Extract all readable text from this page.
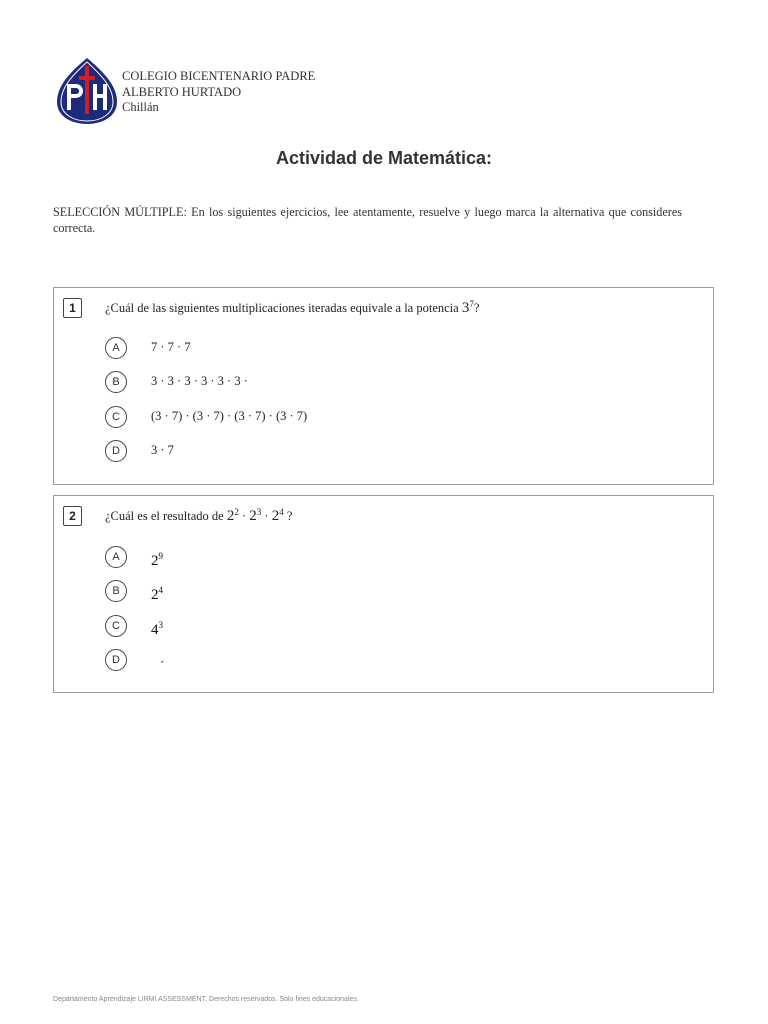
COLEGIO BICENTENARIO PADRE
ALBERTO HURTADO
Chillán
Actividad de Matemática:
SELECCIÓN MÚLTIPLE: En los siguientes ejercicios, lee atentamente, resuelve y luego marca la alternativa que consideres correcta.
1	¿Cuál de las siguientes multiplicaciones iteradas equivale a la potencia $3^7$?
A	7 · 7 · 7
B	3 · 3 · 3 · 3 · 3 · 3 ·
C	(3 · 7) · (3 · 7) · (3 · 7) · (3 · 7)
D	3 · 7
2	¿Cuál es el resultado de $2^2 \cdot 2^3 \cdot 2^4$ ?
A	$2^9$
B	$2^4$
C	$4^3$
D	´
Departamento Aprendizaje LIRMI ASSESSMENT. Derechos reservados. Solo fines educacionales.
